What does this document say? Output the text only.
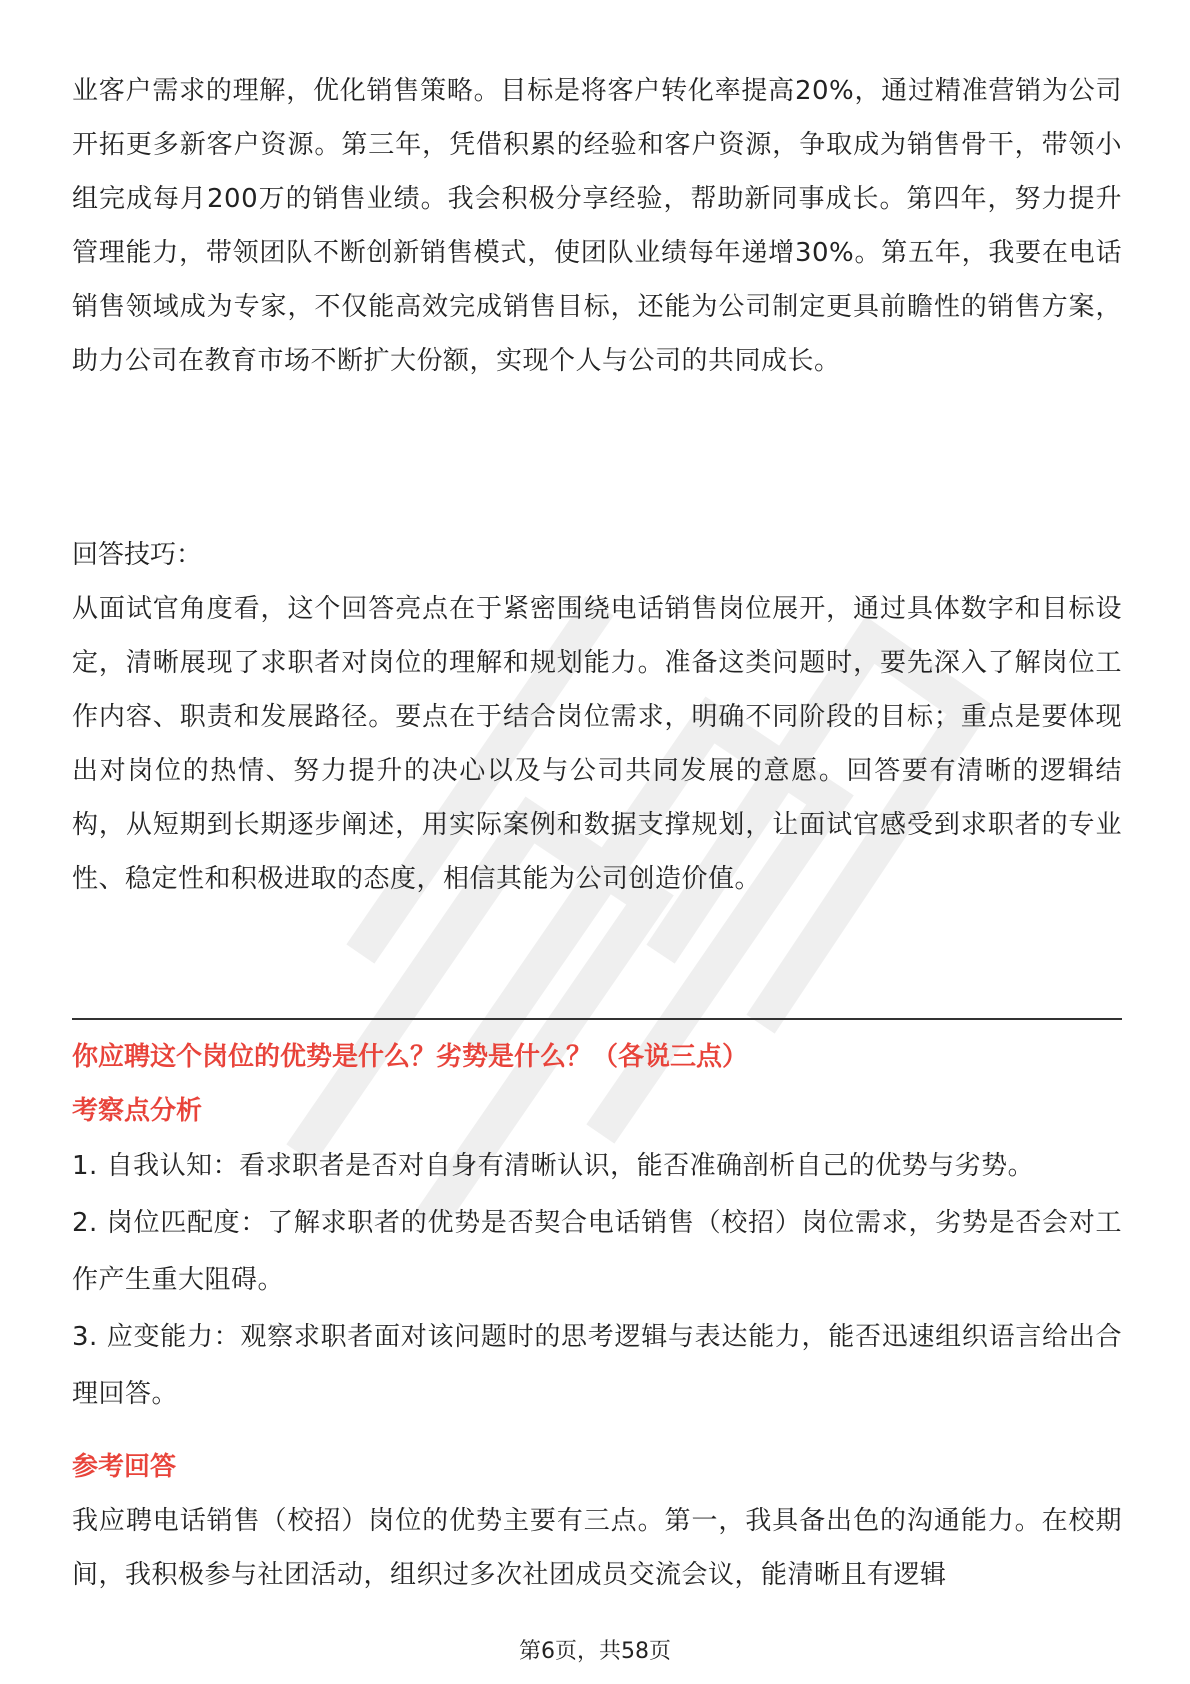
业客户需求的理解，优化销售策略。目标是将客户转化率提高20%，通过精准营销为公司开拓更多新客户资源。第三年，凭借积累的经验和客户资源，争取成为销售骨干，带领小组完成每月200万的销售业绩。我会积极分享经验，帮助新同事成长。第四年，努力提升管理能力，带领团队不断创新销售模式，使团队业绩每年递增30%。第五年，我要在电话销售领域成为专家，不仅能高效完成销售目标，还能为公司制定更具前瞻性的销售方案，助力公司在教育市场不断扩大份额，实现个人与公司的共同成长。

回答技巧：

从面试官角度看，这个回答亮点在于紧密围绕电话销售岗位展开，通过具体数字和目标设定，清晰展现了求职者对岗位的理解和规划能力。准备这类问题时，要先深入了解岗位工作内容、职责和发展路径。要点在于结合岗位需求，明确不同阶段的目标；重点是要体现出对岗位的热情、努力提升的决心以及与公司共同发展的意愿。回答要有清晰的逻辑结构，从短期到长期逐步阐述，用实际案例和数据支撑规划，让面试官感受到求职者的专业性、稳定性和积极进取的态度，相信其能为公司创造价值。

你应聘这个岗位的优势是什么？劣势是什么？（各说三点）
考察点分析

1. 自我认知：看求职者是否对自身有清晰认识，能否准确剖析自己的优势与劣势。

2. 岗位匹配度：了解求职者的优势是否契合电话销售（校招）岗位需求，劣势是否会对工作产生重大阻碍。

3. 应变能力：观察求职者面对该问题时的思考逻辑与表达能力，能否迅速组织语言给出合理回答。

参考回答

我应聘电话销售（校招）岗位的优势主要有三点。第一，我具备出色的沟通能力。在校期间，我积极参与社团活动，组织过多次社团成员交流会议，能清晰且有逻辑

第6页，共58页
